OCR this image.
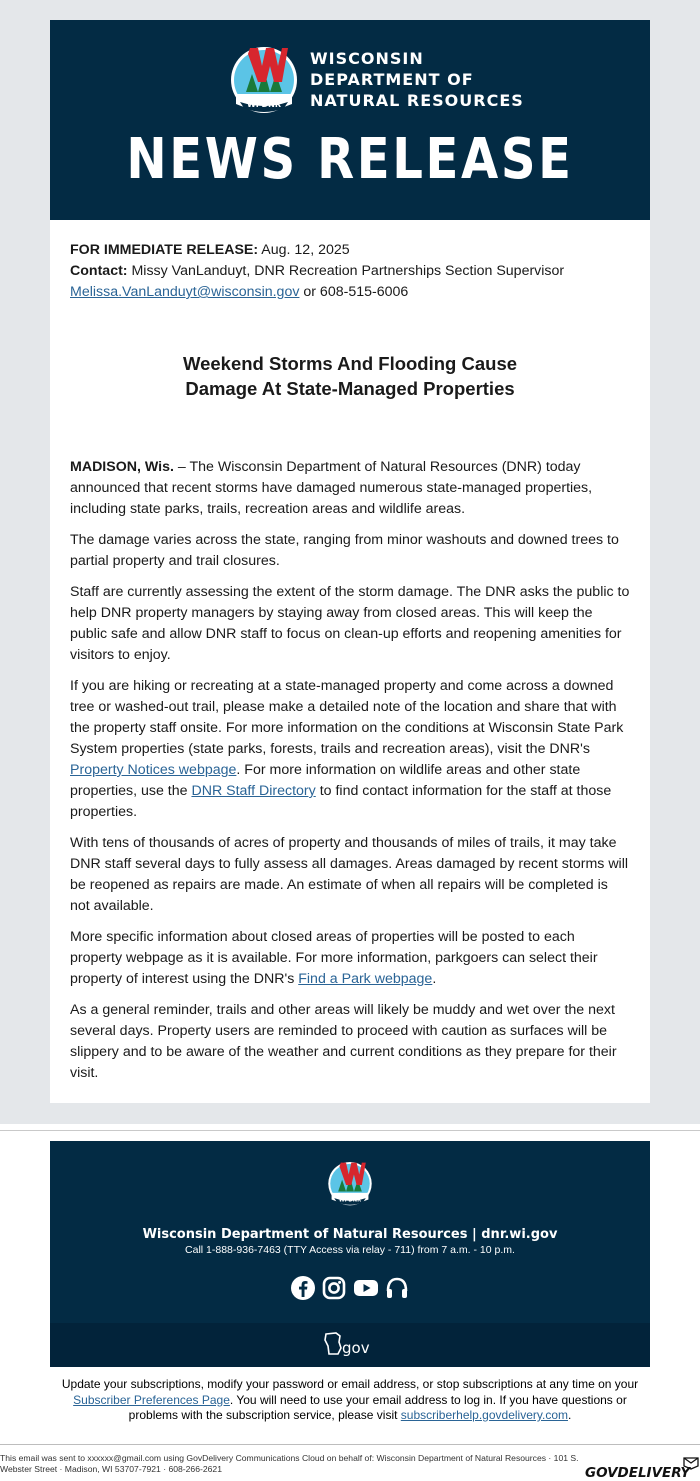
WI DNR
WISCONSIN
DEPARTMENT OF
NATURAL RESOURCES
NEWS RELEASE

FOR IMMEDIATE RELEASE: Aug. 12, 2025

Contact: Missy VanLanduyt, DNR Recreation Partnerships Section Supervisor

Melissa.VanLanduyt@wisconsin.gov or 608-515-6006

Weekend Storms And Flooding Cause
Damage At State-Managed Properties

MADISON, Wis. – The Wisconsin Department of Natural Resources (DNR) today announced that recent storms have damaged numerous state-managed properties, including state parks, trails, recreation areas and wildlife areas.

The damage varies across the state, ranging from minor washouts and downed trees to partial property and trail closures.

Staff are currently assessing the extent of the storm damage. The DNR asks the public to help DNR property managers by staying away from closed areas. This will keep the public safe and allow DNR staff to focus on clean-up efforts and reopening amenities for visitors to enjoy.

If you are hiking or recreating at a state-managed property and come across a downed tree or washed-out trail, please make a detailed note of the location and share that with the property staff onsite. For more information on the conditions at Wisconsin State Park System properties (state parks, forests, trails and recreation areas), visit the DNR's Property Notices webpage. For more information on wildlife areas and other state properties, use the DNR Staff Directory to find contact information for the staff at those properties.

With tens of thousands of acres of property and thousands of miles of trails, it may take DNR staff several days to fully assess all damages. Areas damaged by recent storms will be reopened as repairs are made. An estimate of when all repairs will be completed is not available.

More specific information about closed areas of properties will be posted to each property webpage as it is available. For more information, parkgoers can select their property of interest using the DNR's Find a Park webpage.

As a general reminder, trails and other areas will likely be muddy and wet over the next several days. Property users are reminded to proceed with caution as surfaces will be slippery and to be aware of the weather and current conditions as they prepare for their visit.

WI DNR
Wisconsin Department of Natural Resources | dnr.wi.gov
Call 1-888-936-7463 (TTY Access via relay - 711) from 7 a.m. - 10 p.m.
gov
Update your subscriptions, modify your password or email address, or stop subscriptions at any time on your Subscriber Preferences Page. You will need to use your email address to log in. If you have questions or problems with the subscription service, please visit subscriberhelp.govdelivery.com.
This email was sent to xxxxxx@gmail.com using GovDelivery Communications Cloud on behalf of: Wisconsin Department of Natural Resources · 101 S. Webster Street · Madison, WI 53707-7921 · 608-266-2621	GOVDELIVERY
